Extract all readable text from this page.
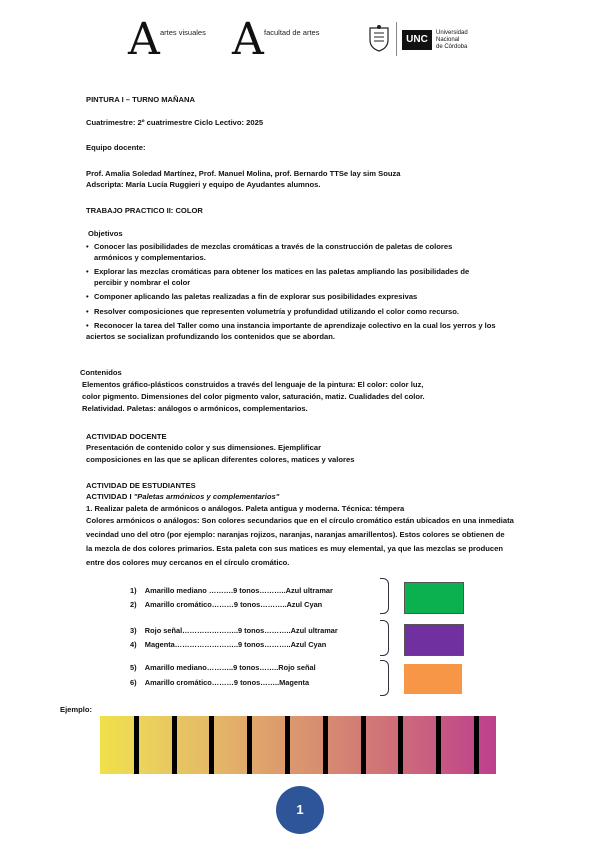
A artes visuales A facultad de artes
UNC
Universidad
Nacional
de Córdoba
PINTURA I – TURNO MAÑANA
Cuatrimestre: 2º cuatrimestre Ciclo Lectivo: 2025
Equipo docente:
Prof. Amalia Soledad Martínez, Prof. Manuel Molina, prof. Bernardo TTSe lay sim Souza
Adscripta: María Lucía Ruggieri y equipo de Ayudantes alumnos.
TRABAJO PRACTICO II: COLOR
Objetivos
• Conocer las posibilidades de mezclas cromáticas a través de la construcción de paletas de colores
armónicos y complementarios.
• Explorar las mezclas cromáticas para obtener los matices en las paletas ampliando las posibilidades de
percibir y nombrar el color
• Componer aplicando las paletas realizadas a fin de explorar sus posibilidades expresivas
• Resolver composiciones que representen volumetría y profundidad utilizando el color como recurso.
• Reconocer la tarea del Taller como una instancia importante de aprendizaje colectivo en la cual los yerros y los
aciertos se socializan profundizando los contenidos que se abordan.
Contenidos
Elementos gráfico-plásticos construidos a través del lenguaje de la pintura: El color: color luz,
color pigmento. Dimensiones del color pigmento valor, saturación, matiz. Cualidades del color.
Relatividad. Paletas: análogos o armónicos, complementarios.
ACTIVIDAD DOCENTE
Presentación de contenido color y sus dimensiones. Ejemplificar
composiciones en las que se aplican diferentes colores, matices y valores
ACTIVIDAD DE ESTUDIANTES
ACTIVIDAD I "Paletas armónicos y complementarios"
1. Realizar paleta de armónicos o análogos. Paleta antigua y moderna. Técnica: témpera
Colores armónicos o análogos: Son colores secundarios que en el círculo cromático están ubicados en una inmediata
vecindad uno del otro (por ejemplo: naranjas rojizos, naranjas, naranjas amarillentos). Estos colores se obtienen de
la mezcla de dos colores primarios. Esta paleta con sus matices es muy elemental, ya que las mezclas se producen
entre dos colores muy cercanos en el círculo cromático.
1) Amarillo mediano ……….9 tonos………..Azul ultramar
2) Amarillo cromático………9 tonos………..Azul Cyan
3) Rojo señal…………………..9 tonos………..Azul ultramar
4) Magenta……………………..9 tonos………..Azul Cyan
5) Amarillo mediano………..9 tonos……..Rojo señal
6) Amarillo cromático………9 tonos……..Magenta
Ejemplo:
1
